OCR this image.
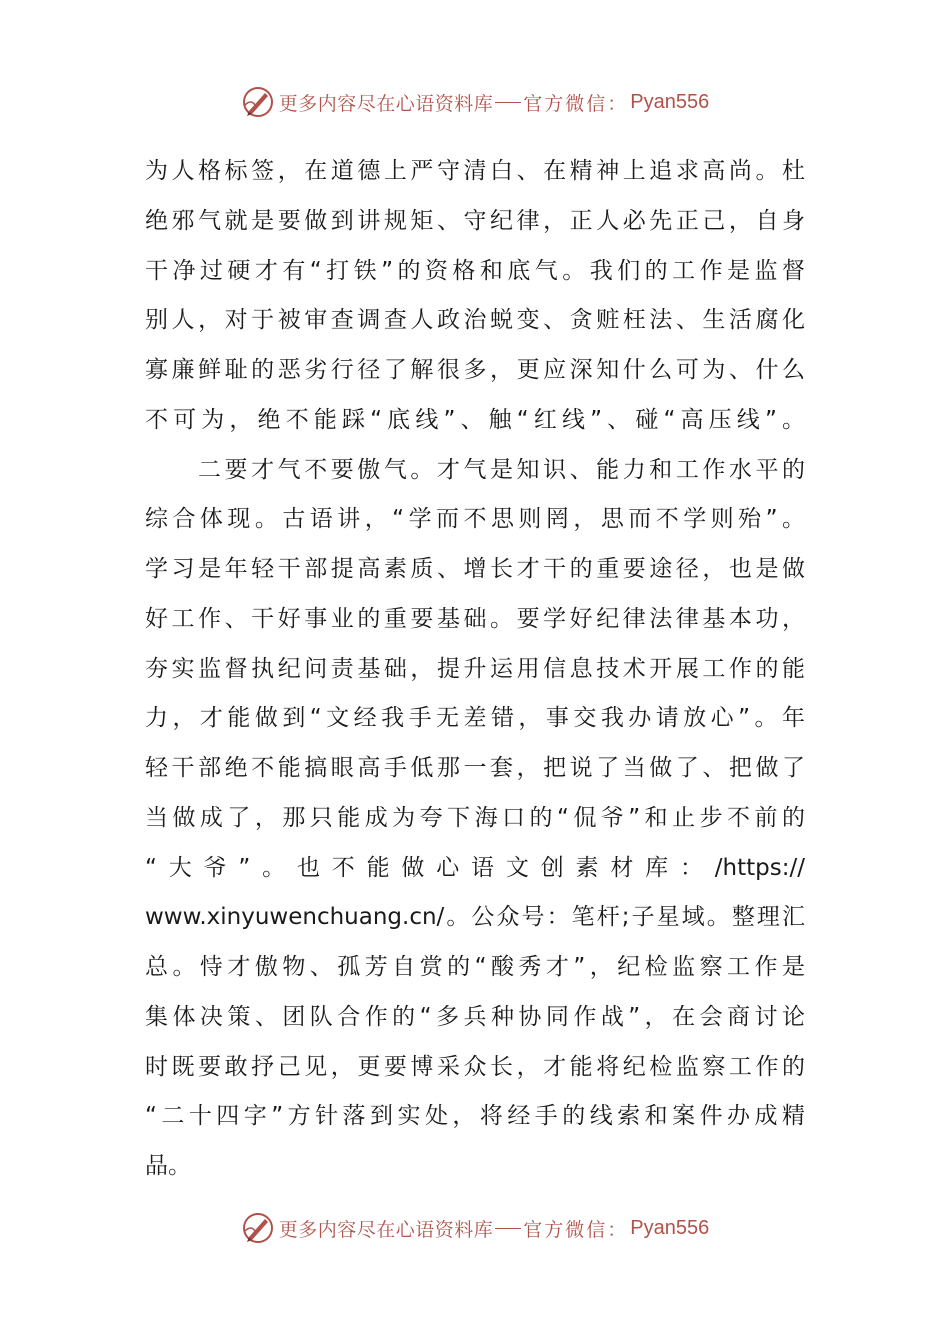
更多内容尽在心语资料库 官方微信： Pyan556
为人格标签，在道德上严守清白、在精神上追求高尚。杜
绝邪气就是要做到讲规矩、守纪律，正人必先正己，自身
干净过硬才有“打铁”的资格和底气。我们的工作是监督
别人，对于被审查调查人政治蜕变、贪赃枉法、生活腐化
寡廉鲜耻的恶劣行径了解很多，更应深知什么可为、什么
不可为，绝不能踩“底线”、触“红线”、碰“高压线”。
二要才气不要傲气。才气是知识、能力和工作水平的
综合体现。古语讲，“学而不思则罔，思而不学则殆”。
学习是年轻干部提高素质、增长才干的重要途径，也是做
好工作、干好事业的重要基础。要学好纪律法律基本功，
夯实监督执纪问责基础，提升运用信息技术开展工作的能
力，才能做到“文经我手无差错，事交我办请放心”。年
轻干部绝不能搞眼高手低那一套，把说了当做了、把做了
当做成了，那只能成为夸下海口的“侃爷”和止步不前的
“大爷”。也不能做心语文创素材库：/https://
www.xinyuwenchuang.cn/。公众号：笔杆;子星域。整理汇
总。恃才傲物、孤芳自赏的“酸秀才”，纪检监察工作是
集体决策、团队合作的“多兵种协同作战”，在会商讨论
时既要敢抒己见，更要博采众长，才能将纪检监察工作的
“二十四字”方针落到实处，将经手的线索和案件办成精
品。
更多内容尽在心语资料库 官方微信： Pyan556
